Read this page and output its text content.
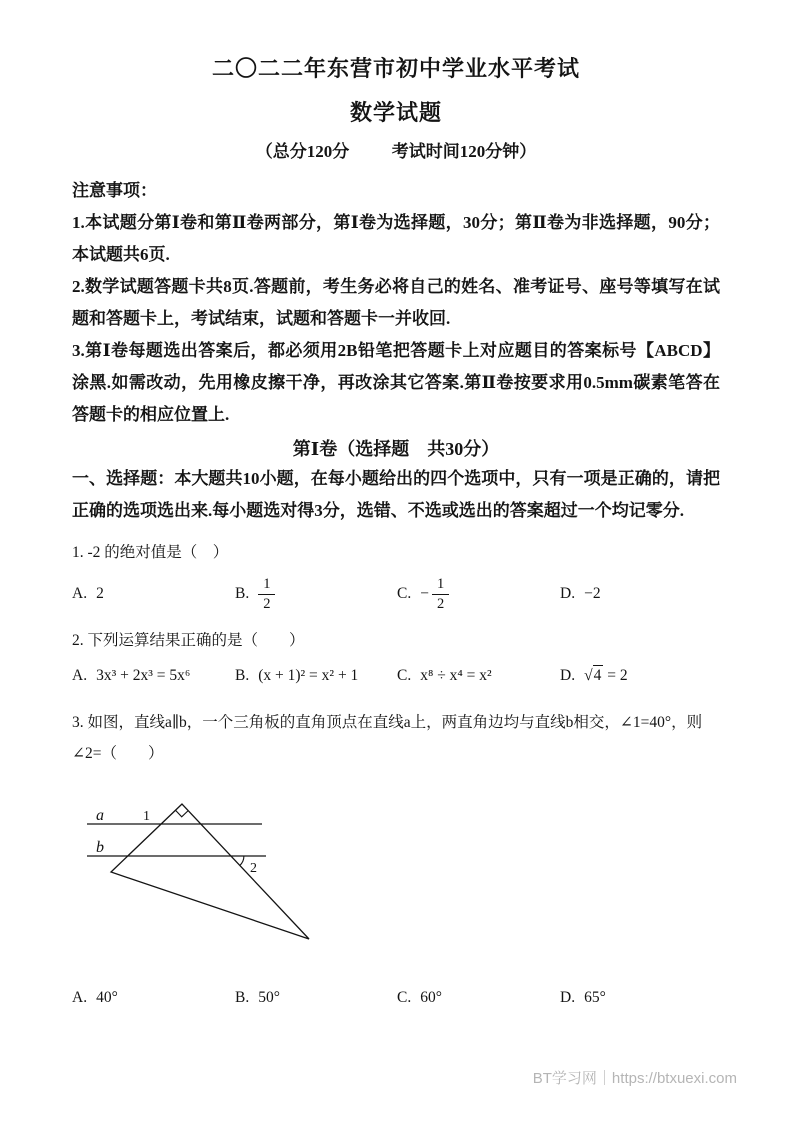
二〇二二年东营市初中学业水平考试
数学试题
（总分120分          考试时间120分钟）
注意事项：

1.本试题分第Ⅰ卷和第Ⅱ卷两部分，第Ⅰ卷为选择题，30分；第Ⅱ卷为非选择题，90分；本试题共6页.

2.数学试题答题卡共8页.答题前，考生务必将自己的姓名、准考证号、座号等填写在试题和答题卡上，考试结束，试题和答题卡一并收回.

3.第Ⅰ卷每题选出答案后，都必须用2B铅笔把答题卡上对应题目的答案标号【ABCD】涂黑.如需改动，先用橡皮擦干净，再改涂其它答案.第Ⅱ卷按要求用0.5mm碳素笔答在答题卡的相应位置上.

第Ⅰ卷（选择题　共30分）

一、选择题：本大题共10小题，在每小题给出的四个选项中，只有一项是正确的，请把正确的选项选出来.每小题选对得3分，选错、不选或选出的答案超过一个均记零分.

1. -2 的绝对值是（　）

A. 2	B. $\frac{1}{2}$	C. − $\frac{1}{2}$	D. −2

2. 下列运算结果正确的是（　　）

A. 3x³ + 2x³ = 5x⁶	B. (x + 1)² = x² + 1 C. x⁸ ÷ x⁴ = x²	D. √4 = 2

3. 如图，直线a∥b，一个三角板的直角顶点在直线a上，两直角边均与直线b相交，∠1=40°，则∠2=（　　）

a
b
1
2
A. 40°	B. 50°	C. 60°	D. 65°
BT学习网｜https://btxuexi.com
